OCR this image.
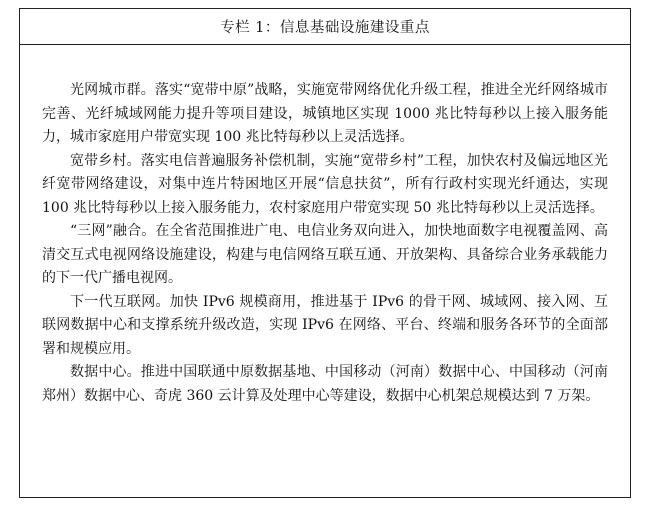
专栏 1：信息基础设施建设重点

光网城市群。落实“宽带中原”战略，实施宽带网络优化升级工程，推进全光纤网络城市完善、光纤城域网能力提升等项目建设，城镇地区实现 1000 兆比特每秒以上接入服务能力，城市家庭用户带宽实现 100 兆比特每秒以上灵活选择。

宽带乡村。落实电信普遍服务补偿机制，实施“宽带乡村”工程，加快农村及偏远地区光纤宽带网络建设，对集中连片特困地区开展“信息扶贫”，所有行政村实现光纤通达，实现 100 兆比特每秒以上接入服务能力，农村家庭用户带宽实现 50 兆比特每秒以上灵活选择。

“三网”融合。在全省范围推进广电、电信业务双向进入，加快地面数字电视覆盖网、高清交互式电视网络设施建设，构建与电信网络互联互通、开放架构、具备综合业务承载能力的下一代广播电视网。

下一代互联网。加快 IPv6 规模商用，推进基于 IPv6 的骨干网、城域网、接入网、互联网数据中心和支撑系统升级改造，实现 IPv6 在网络、平台、终端和服务各环节的全面部署和规模应用。

数据中心。推进中国联通中原数据基地、中国移动（河南）数据中心、中国移动（河南郑州）数据中心、奇虎 360 云计算及处理中心等建设，数据中心机架总规模达到 7 万架。
